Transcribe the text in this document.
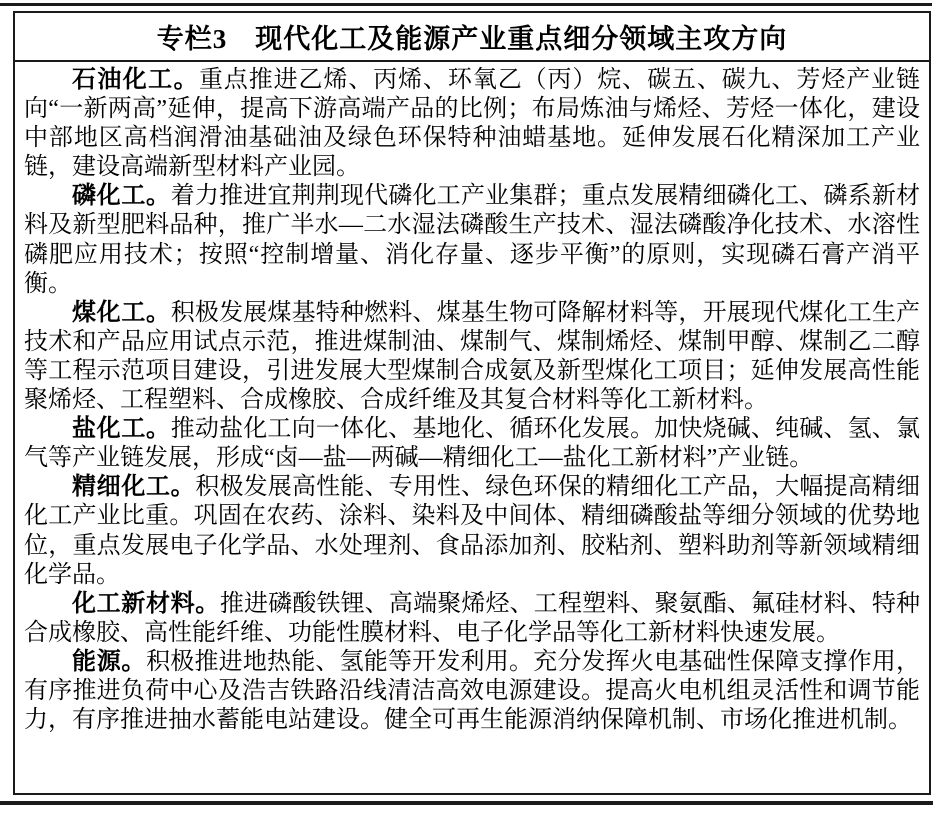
专栏3　现代化工及能源产业重点细分领域主攻方向

石油化工。重点推进乙烯、丙烯、环氧乙（丙）烷、碳五、碳九、芳烃产业链向“一新两高”延伸，提高下游高端产品的比例；布局炼油与烯烃、芳烃一体化，建设中部地区高档润滑油基础油及绿色环保特种油蜡基地。延伸发展石化精深加工产业链，建设高端新型材料产业园。

磷化工。着力推进宜荆荆现代磷化工产业集群；重点发展精细磷化工、磷系新材料及新型肥料品种，推广半水—二水湿法磷酸生产技术、湿法磷酸净化技术、水溶性磷肥应用技术；按照“控制增量、消化存量、逐步平衡”的原则，实现磷石膏产消平衡。

煤化工。积极发展煤基特种燃料、煤基生物可降解材料等，开展现代煤化工生产技术和产品应用试点示范，推进煤制油、煤制气、煤制烯烃、煤制甲醇、煤制乙二醇等工程示范项目建设，引进发展大型煤制合成氨及新型煤化工项目；延伸发展高性能聚烯烃、工程塑料、合成橡胶、合成纤维及其复合材料等化工新材料。

盐化工。推动盐化工向一体化、基地化、循环化发展。加快烧碱、纯碱、氢、氯气等产业链发展，形成“卤—盐—两碱—精细化工—盐化工新材料”产业链。

精细化工。积极发展高性能、专用性、绿色环保的精细化工产品，大幅提高精细化工产业比重。巩固在农药、涂料、染料及中间体、精细磷酸盐等细分领域的优势地位，重点发展电子化学品、水处理剂、食品添加剂、胶粘剂、塑料助剂等新领域精细化学品。

化工新材料。推进磷酸铁锂、高端聚烯烃、工程塑料、聚氨酯、氟硅材料、特种合成橡胶、高性能纤维、功能性膜材料、电子化学品等化工新材料快速发展。

能源。积极推进地热能、氢能等开发利用。充分发挥火电基础性保障支撑作用，有序推进负荷中心及浩吉铁路沿线清洁高效电源建设。提高火电机组灵活性和调节能力，有序推进抽水蓄能电站建设。健全可再生能源消纳保障机制、市场化推进机制。
